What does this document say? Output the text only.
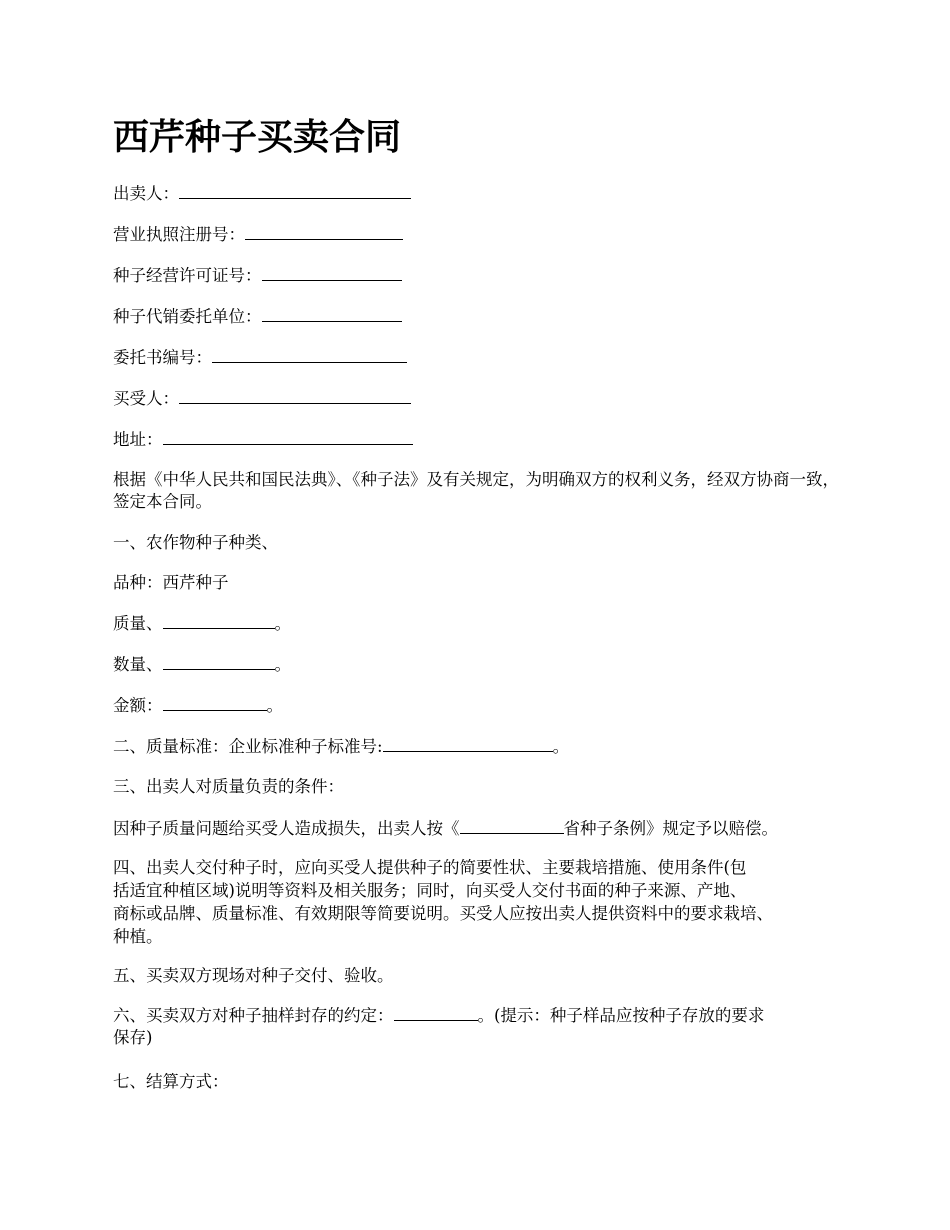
西芹种子买卖合同

出卖人：

营业执照注册号：

种子经营许可证号：

种子代销委托单位：

委托书编号：

买受人：

地址：

根据《中华人民共和国民法典》、《种子法》及有关规定，为明确双方的权利义务，经双方协商一致，签定本合同。

一、农作物种子种类、

品种：西芹种子

质量、	。

数量、	。

金额：	。

二、质量标准：企业标准种子标准号:	。

三、出卖人对质量负责的条件：

因种子质量问题给买受人造成损失，出卖人按《	省种子条例》规定予以赔偿。

四、出卖人交付种子时，应向买受人提供种子的简要性状、主要栽培措施、使用条件(包

括适宜种植区域)说明等资料及相关服务；同时，向买受人交付书面的种子来源、产地、

商标或品牌、质量标准、有效期限等简要说明。买受人应按出卖人提供资料中的要求栽培、

种植。

五、买卖双方现场对种子交付、验收。

六、买卖双方对种子抽样封存的约定：	。(提示：种子样品应按种子存放的要求

保存)

七、结算方式：
